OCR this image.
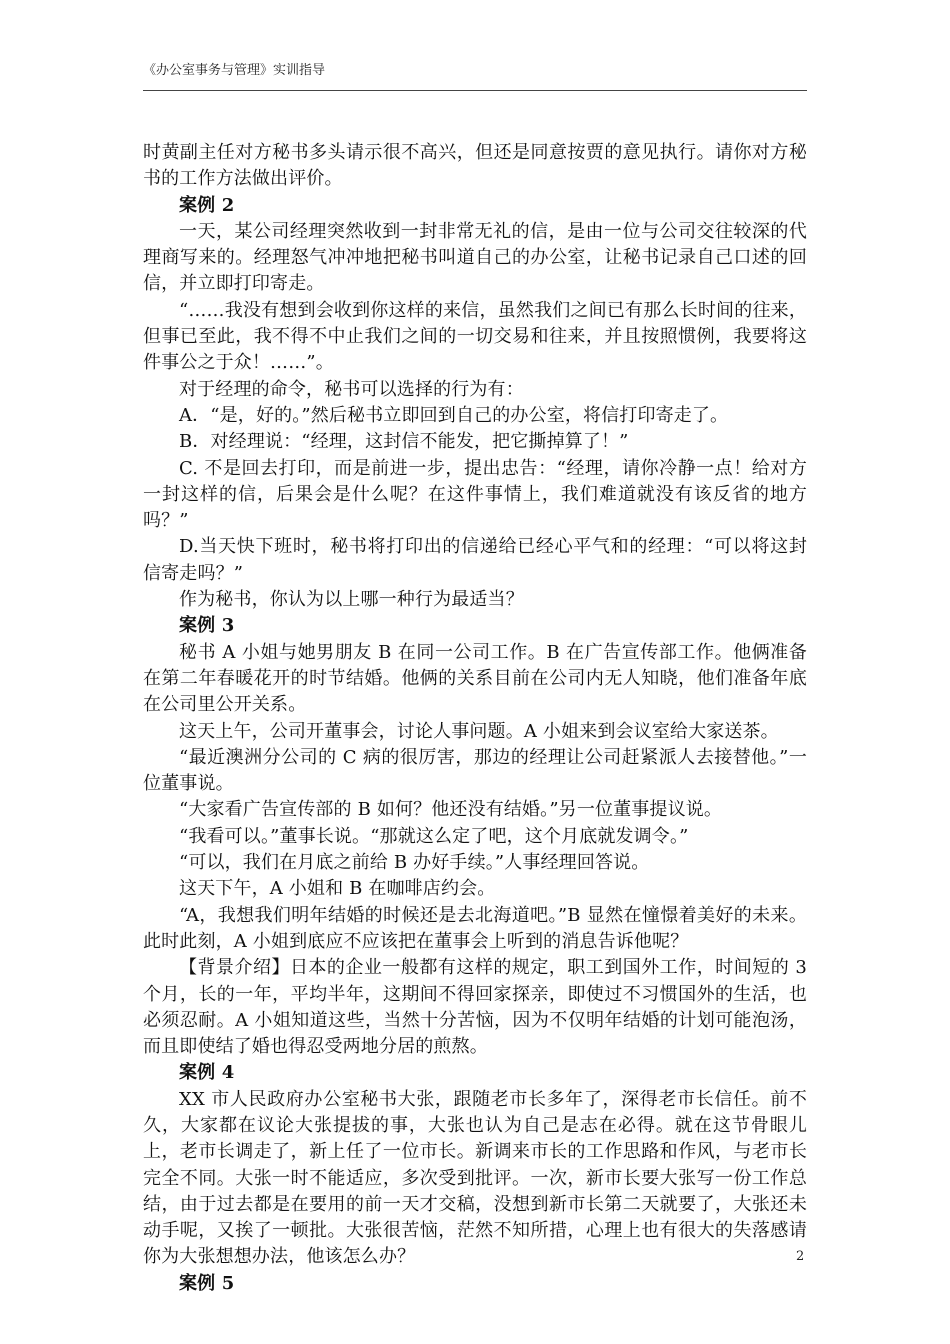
《办公室事务与管理》实训指导

时黄副主任对方秘书多头请示很不高兴，但还是同意按贾的意见执行。请你对方秘书的工作方法做出评价。

案例 2

一天，某公司经理突然收到一封非常无礼的信，是由一位与公司交往较深的代理商写来的。经理怒气冲冲地把秘书叫道自己的办公室，让秘书记录自己口述的回信，并立即打印寄走。

“……我没有想到会收到你这样的来信，虽然我们之间已有那么长时间的往来，但事已至此，我不得不中止我们之间的一切交易和往来，并且按照惯例，我要将这件事公之于众！……”。

对于经理的命令，秘书可以选择的行为有：

A．“是，好的。”然后秘书立即回到自己的办公室，将信打印寄走了。

B．对经理说：“经理，这封信不能发，把它撕掉算了！”

C. 不是回去打印，而是前进一步，提出忠告：“经理，请你冷静一点！给对方一封这样的信，后果会是什么呢？在这件事情上，我们难道就没有该反省的地方吗？”

D.当天快下班时，秘书将打印出的信递给已经心平气和的经理：“可以将这封信寄走吗？”

作为秘书，你认为以上哪一种行为最适当？

案例 3

秘书 A 小姐与她男朋友 B 在同一公司工作。B 在广告宣传部工作。他俩准备在第二年春暖花开的时节结婚。他俩的关系目前在公司内无人知晓，他们准备年底在公司里公开关系。

这天上午，公司开董事会，讨论人事问题。A 小姐来到会议室给大家送茶。

“最近澳洲分公司的 C 病的很厉害，那边的经理让公司赶紧派人去接替他。”一位董事说。

“大家看广告宣传部的 B 如何？他还没有结婚。”另一位董事提议说。

“我看可以。”董事长说。“那就这么定了吧，这个月底就发调令。”

“可以，我们在月底之前给 B 办好手续。”人事经理回答说。

这天下午，A 小姐和 B 在咖啡店约会。

“A，我想我们明年结婚的时候还是去北海道吧。”B 显然在憧憬着美好的未来。此时此刻，A 小姐到底应不应该把在董事会上听到的消息告诉他呢？

【背景介绍】日本的企业一般都有这样的规定，职工到国外工作，时间短的 3 个月，长的一年，平均半年，这期间不得回家探亲，即使过不习惯国外的生活，也必须忍耐。A 小姐知道这些，当然十分苦恼，因为不仅明年结婚的计划可能泡汤，而且即使结了婚也得忍受两地分居的煎熬。

案例 4

XX 市人民政府办公室秘书大张，跟随老市长多年了，深得老市长信任。前不久，大家都在议论大张提拔的事，大张也认为自己是志在必得。就在这节骨眼儿上，老市长调走了，新上任了一位市长。新调来市长的工作思路和作风，与老市长完全不同。大张一时不能适应，多次受到批评。一次，新市长要大张写一份工作总结，由于过去都是在要用的前一天才交稿，没想到新市长第二天就要了，大张还未动手呢，又挨了一顿批。大张很苦恼，茫然不知所措，心理上也有很大的失落感请你为大张想想办法，他该怎么办？

案例 5

2
